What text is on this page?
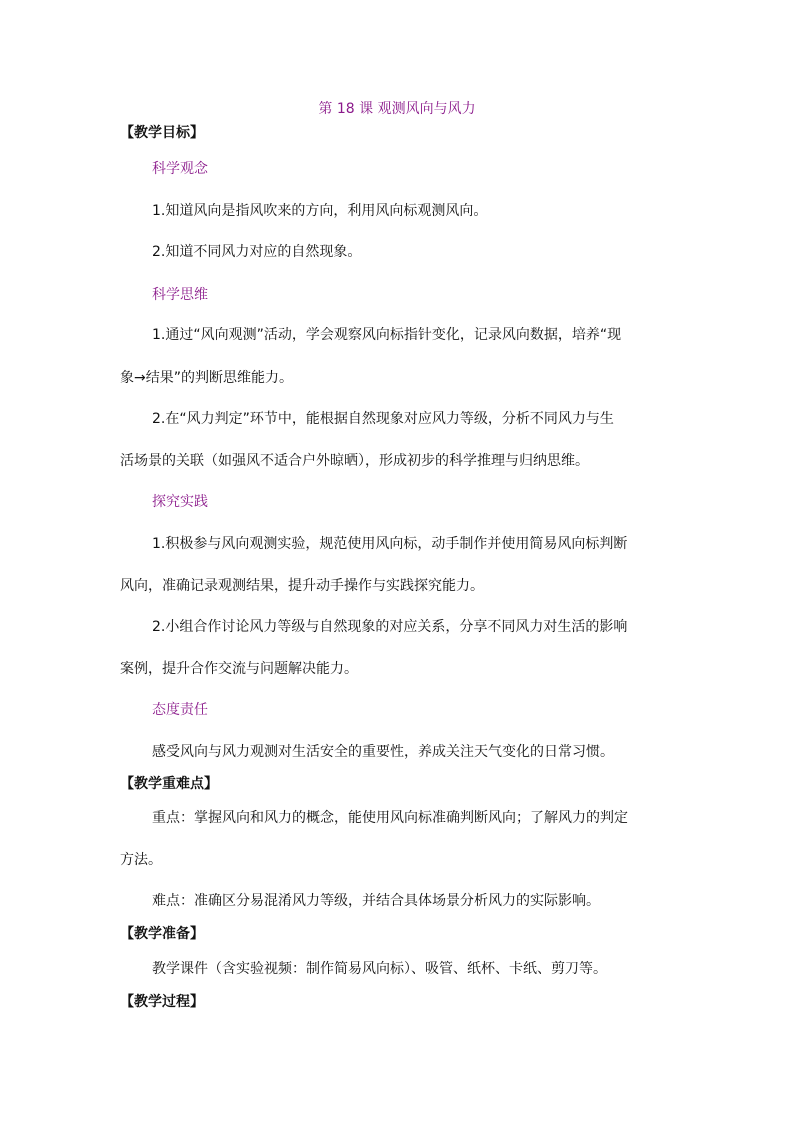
第 18 课 观测风向与风力
【教学目标】
科学观念
1.知道风向是指风吹来的方向，利用风向标观测风向。
2.知道不同风力对应的自然现象。
科学思维
1.通过“风向观测”活动，学会观察风向标指针变化，记录风向数据，培养“现
象→结果”的判断思维能力。
2.在“风力判定”环节中，能根据自然现象对应风力等级，分析不同风力与生
活场景的关联（如强风不适合户外晾晒），形成初步的科学推理与归纳思维。
探究实践
1.积极参与风向观测实验，规范使用风向标，动手制作并使用简易风向标判断
风向，准确记录观测结果，提升动手操作与实践探究能力。
2.小组合作讨论风力等级与自然现象的对应关系，分享不同风力对生活的影响
案例，提升合作交流与问题解决能力。
态度责任
感受风向与风力观测对生活安全的重要性，养成关注天气变化的日常习惯。
【教学重难点】
重点：掌握风向和风力的概念，能使用风向标准确判断风向；了解风力的判定
方法。
难点：准确区分易混淆风力等级，并结合具体场景分析风力的实际影响。
【教学准备】
教学课件（含实验视频：制作简易风向标）、吸管、纸杯、卡纸、剪刀等。
【教学过程】
